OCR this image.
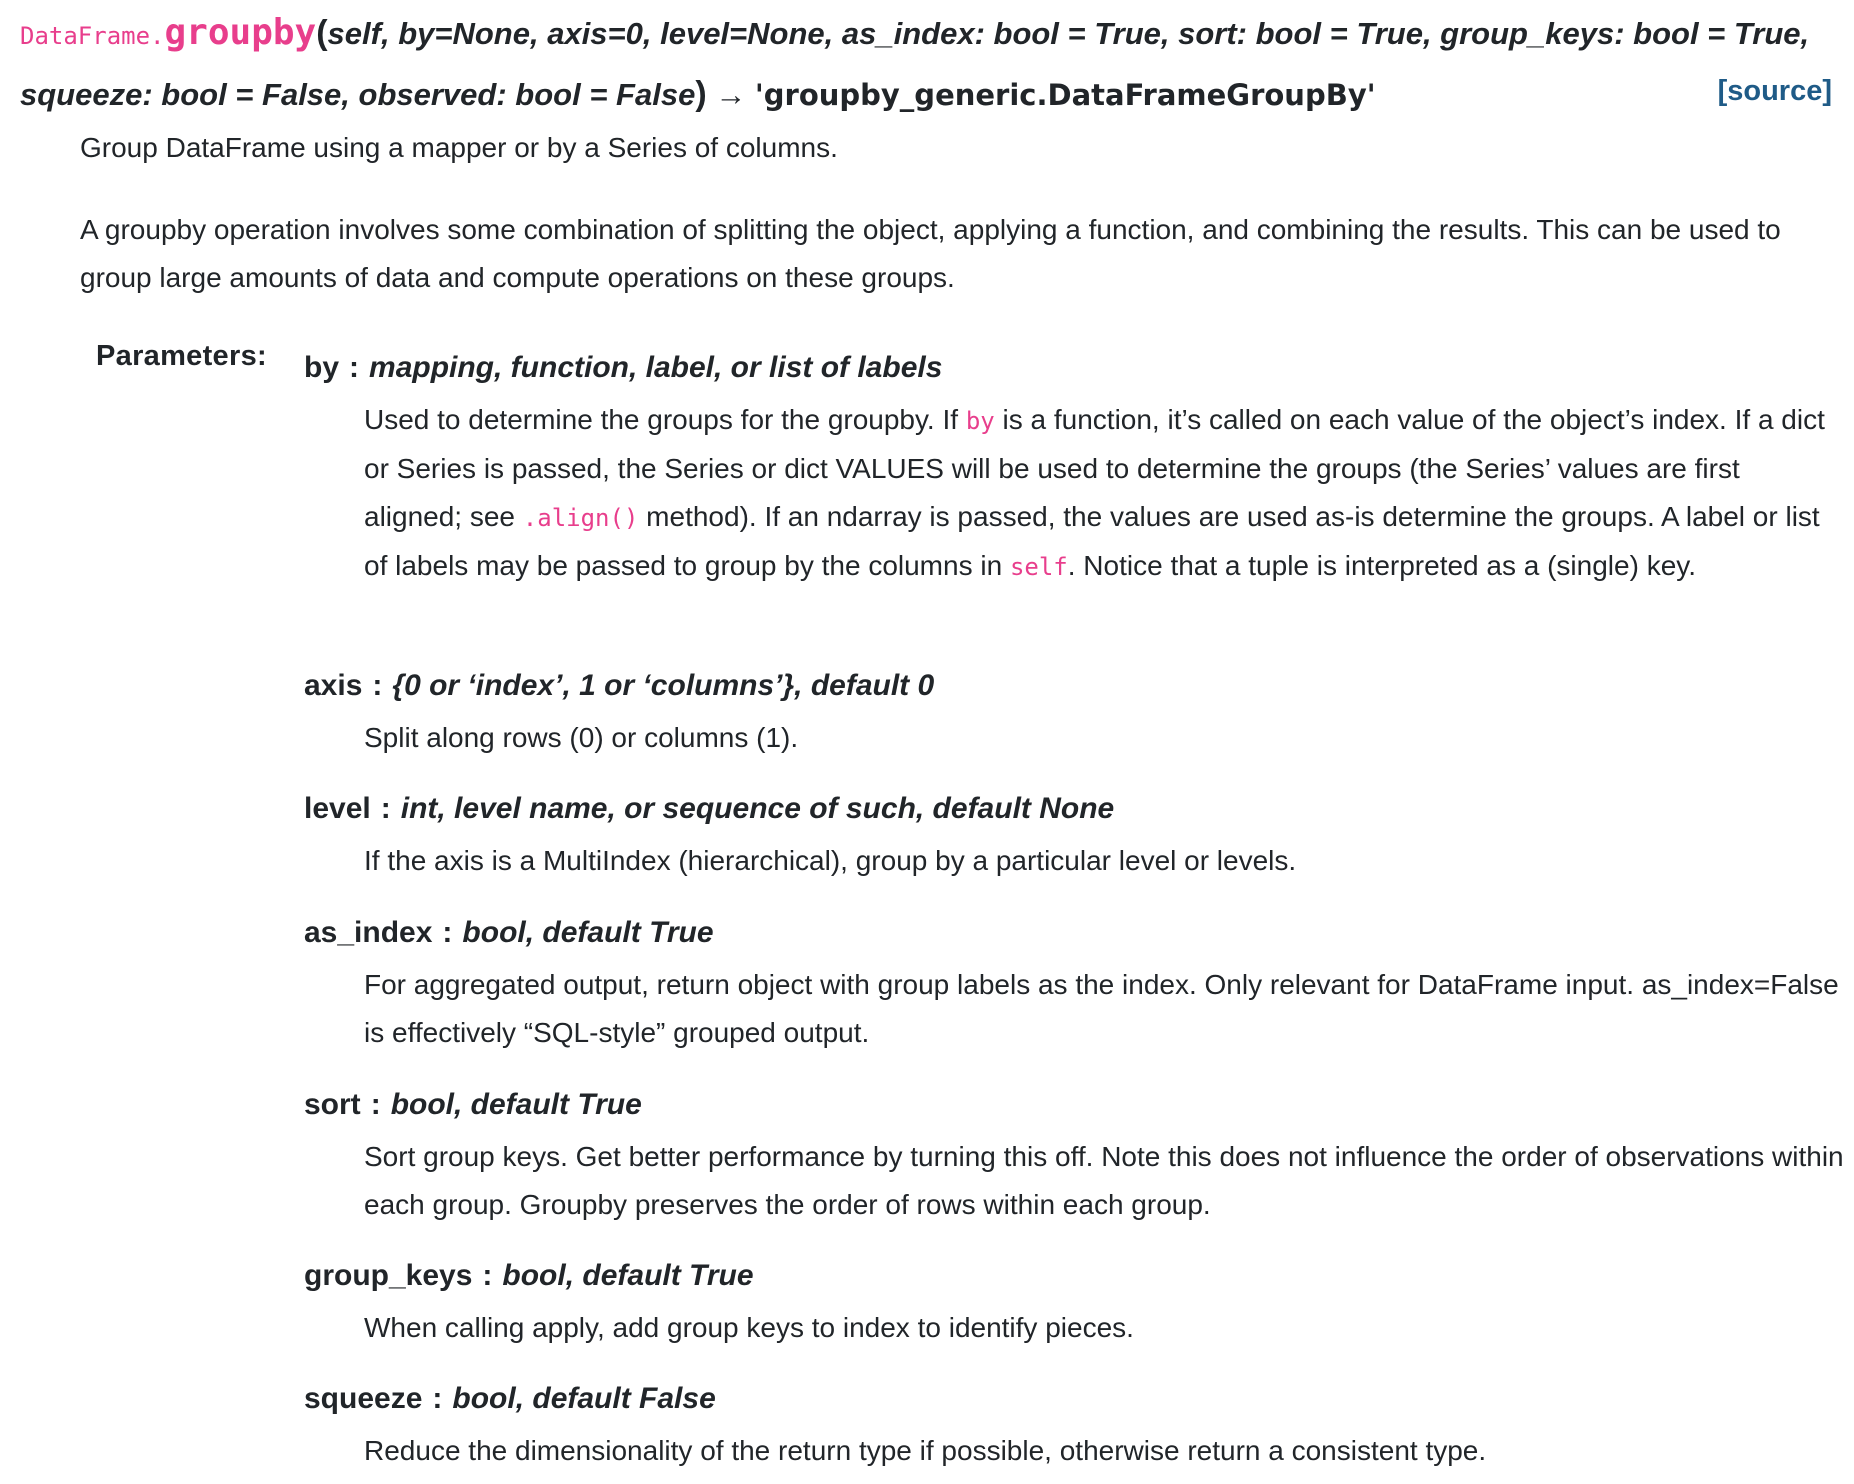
DataFrame.groupby(self, by=None, axis=0, level=None, as_index: bool = True, sort: bool = True, group_keys: bool = True,
squeeze: bool = False, observed: bool = False) → 'groupby_generic.DataFrameGroupBy'	[source]
Group DataFrame using a mapper or by a Series of columns.
A groupby operation involves some combination of splitting the object, applying a function, and combining the results. This can be used to group large amounts of data and compute operations on these groups.
Parameters: by : mapping, function, label, or list of labels
Used to determine the groups for the groupby. If by is a function, it’s called on each value of the object’s index. If a dict or Series is passed, the Series or dict VALUES will be used to determine the groups (the Series’ values are first aligned; see .align() method). If an ndarray is passed, the values are used as-is determine the groups. A label or list of labels may be passed to group by the columns in self. Notice that a tuple is interpreted as a (single) key.
axis : {0 or ‘index’, 1 or ‘columns’}, default 0
Split along rows (0) or columns (1).
level : int, level name, or sequence of such, default None
If the axis is a MultiIndex (hierarchical), group by a particular level or levels.
as_index : bool, default True
For aggregated output, return object with group labels as the index. Only relevant for DataFrame input. as_index=False is effectively “SQL-style” grouped output.
sort : bool, default True
Sort group keys. Get better performance by turning this off. Note this does not influence the order of observations within each group. Groupby preserves the order of rows within each group.
group_keys : bool, default True
When calling apply, add group keys to index to identify pieces.
squeeze : bool, default False
Reduce the dimensionality of the return type if possible, otherwise return a consistent type.
